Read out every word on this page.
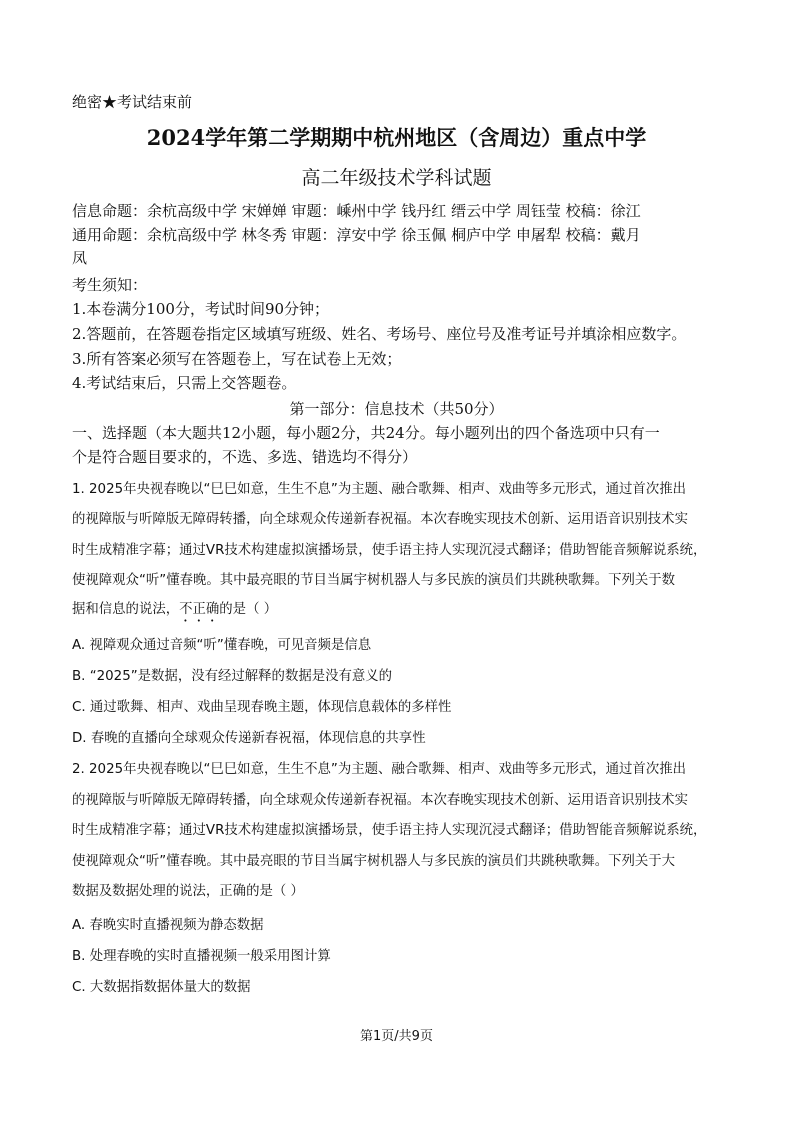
绝密★考试结束前
2024学年第二学期期中杭州地区（含周边）重点中学
高二年级技术学科试题
信息命题：余杭高级中学 宋婵婵 审题：嵊州中学 钱丹红 缙云中学 周钰莹 校稿：徐江
通用命题：余杭高级中学 林冬秀 审题：淳安中学 徐玉佩 桐庐中学 申屠犁 校稿：戴月
凤
考生须知：
1.本卷满分100分，考试时间90分钟；
2.答题前，在答题卷指定区域填写班级、姓名、考场号、座位号及准考证号并填涂相应数字。
3.所有答案必须写在答题卷上，写在试卷上无效；
4.考试结束后，只需上交答题卷。
第一部分：信息技术（共50分）
一、选择题（本大题共12小题，每小题2分，共24分。每小题列出的四个备选项中只有一
个是符合题目要求的，不选、多选、错选均不得分）
1. 2025年央视春晚以“巳巳如意，生生不息”为主题、融合歌舞、相声、戏曲等多元形式，通过首次推出
的视障版与听障版无障碍转播，向全球观众传递新春祝福。本次春晚实现技术创新、运用语音识别技术实
时生成精准字幕；通过VR技术构建虚拟演播场景，使手语主持人实现沉浸式翻译；借助智能音频解说系统，
使视障观众“听”懂春晚。其中最亮眼的节目当属宇树机器人与多民族的演员们共跳秧歌舞。下列关于数
据和信息的说法，不正确的是（ ）
A. 视障观众通过音频“听”懂春晚，可见音频是信息
B. “2025”是数据，没有经过解释的数据是没有意义的
C. 通过歌舞、相声、戏曲呈现春晚主题，体现信息载体的多样性
D. 春晚的直播向全球观众传递新春祝福，体现信息的共享性
2. 2025年央视春晚以“巳巳如意，生生不息”为主题、融合歌舞、相声、戏曲等多元形式，通过首次推出
的视障版与听障版无障碍转播，向全球观众传递新春祝福。本次春晚实现技术创新、运用语音识别技术实
时生成精准字幕；通过VR技术构建虚拟演播场景，使手语主持人实现沉浸式翻译；借助智能音频解说系统，
使视障观众“听”懂春晚。其中最亮眼的节目当属宇树机器人与多民族的演员们共跳秧歌舞。下列关于大
数据及数据处理的说法，正确的是（ ）
A. 春晚实时直播视频为静态数据
B. 处理春晚的实时直播视频一般采用图计算
C. 大数据指数据体量大的数据
第1页/共9页
